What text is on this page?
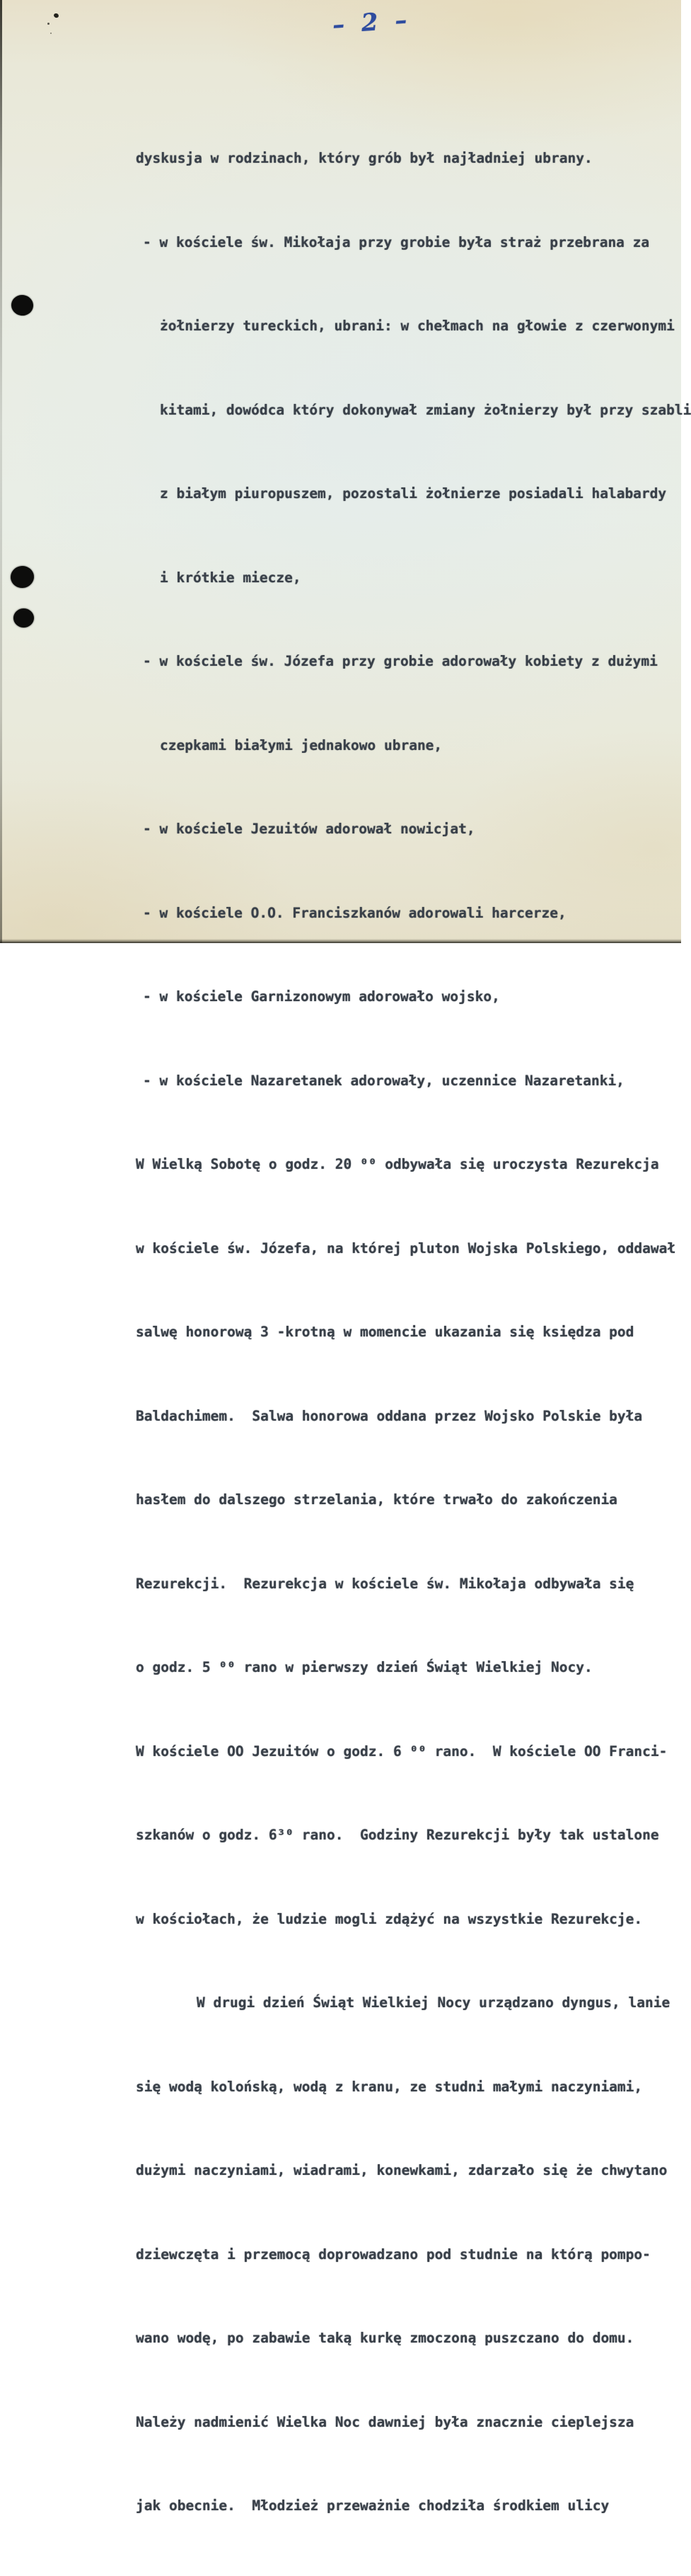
– 2 –

dyskusja w rodzinach, który grób był najładniej ubrany.

- w kościele św. Mikołaja przy grobie była straż przebrana za

żołnierzy tureckich, ubrani: w chełmach na głowie z czerwonymi

kitami, dowódca który dokonywał zmiany żołnierzy był przy szabli

z białym piuropuszem, pozostali żołnierze posiadali halabardy

i krótkie miecze,

- w kościele św. Józefa przy grobie adorowały kobiety z dużymi

czepkami białymi jednakowo ubrane,

- w kościele Jezuitów adorował nowicjat,

- w kościele O.O. Franciszkanów adorowali harcerze,

- w kościele Garnizonowym adorowało wojsko,

- w kościele Nazaretanek adorowały, uczennice Nazaretanki,

W Wielką Sobotę o godz. 20 ⁰⁰ odbywała się uroczysta Rezurekcja

w kościele św. Józefa, na której pluton Wojska Polskiego, oddawał

salwę honorową 3 -krotną w momencie ukazania się księdza pod

Baldachimem.  Salwa honorowa oddana przez Wojsko Polskie była

hasłem do dalszego strzelania, które trwało do zakończenia

Rezurekcji.  Rezurekcja w kościele św. Mikołaja odbywała się

o godz. 5 ⁰⁰ rano w pierwszy dzień Świąt Wielkiej Nocy.

W kościele OO Jezuitów o godz. 6 ⁰⁰ rano.  W kościele OO Franci-

szkanów o godz. 6³⁰ rano.  Godziny Rezurekcji były tak ustalone

w kościołach, że ludzie mogli zdążyć na wszystkie Rezurekcje.

W drugi dzień Świąt Wielkiej Nocy urządzano dyngus, lanie

się wodą kolońską, wodą z kranu, ze studni małymi naczyniami,

dużymi naczyniami, wiadrami, konewkami, zdarzało się że chwytano

dziewczęta i przemocą doprowadzano pod studnie na którą pompo-

wano wodę, po zabawie taką kurkę zmoczoną puszczano do domu.

Należy nadmienić Wielka Noc dawniej była znacznie cieplejsza

jak obecnie.  Młodzież przeważnie chodziła środkiem ulicy
